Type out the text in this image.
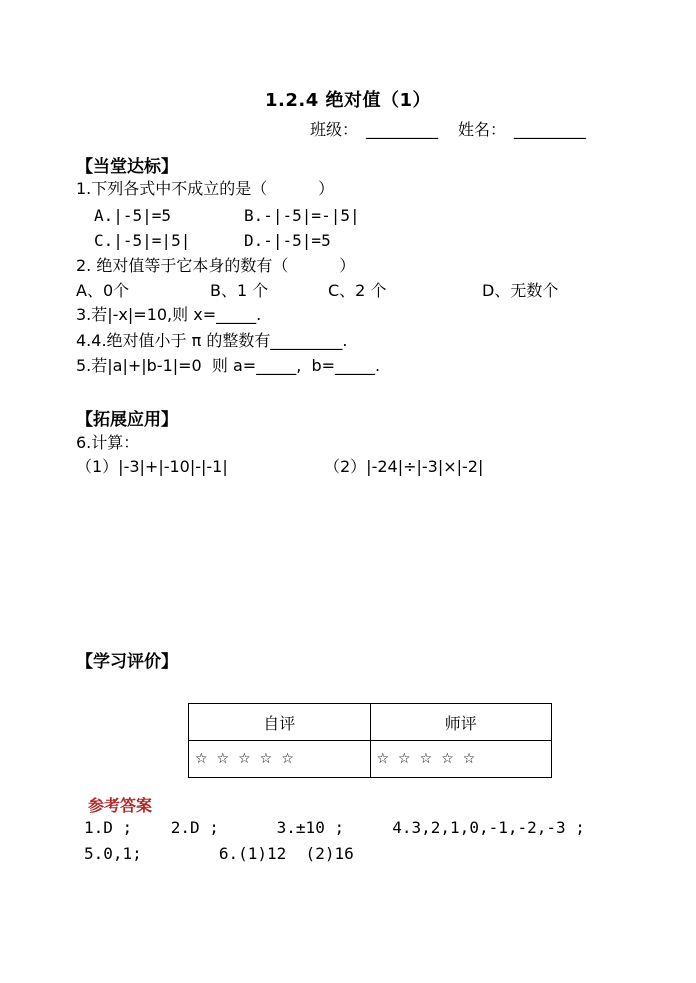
1.2.4 绝对值（1）
班级： _________ 姓名： _________
【当堂达标】
1.下列各式中不成立的是（          ）
A.|-5|=5	B.-|-5|=-|5|
C.|-5|=|5|	D.-|-5|=5
2. 绝对值等于它本身的数有（          ）
A、0个	B、1 个	C、2 个	D、无数个
3.若|-x|=10,则 x=_____.
4.4.绝对值小于 π 的整数有_________.
5.若|a|+|b-1|=0  则 a=_____,  b=_____.
【拓展应用】
6.计算：
（1）|-3|+|-10|-|-1|	（2）|-24|÷|-3|×|-2|
【学习评价】
自评	师评
☆☆☆☆☆	☆☆☆☆☆
参考答案
1.D ;    2.D ;      3.±10 ;     4.3,2,1,0,-1,-2,-3 ;
5.0,1;        6.(1)12  (2)16
